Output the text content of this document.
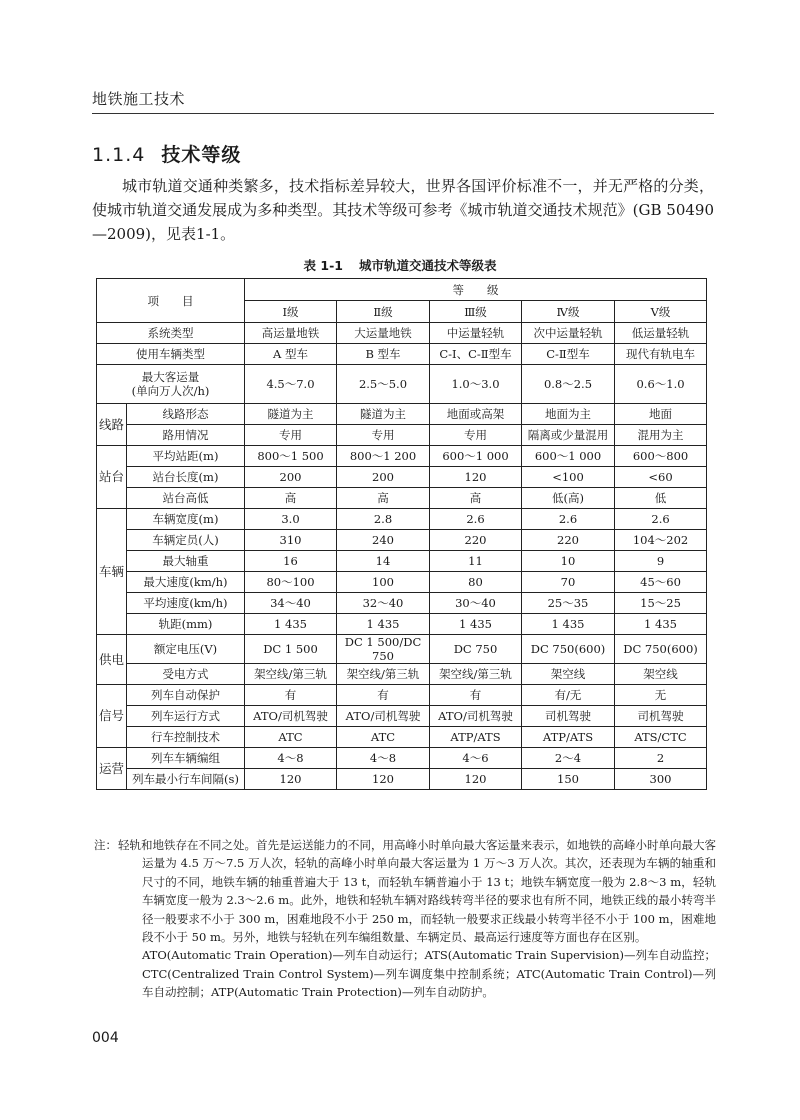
地铁施工技术
1.1.4 技术等级

城市轨道交通种类繁多，技术指标差异较大，世界各国评价标准不一，并无严格的分类，使城市轨道交通发展成为多种类型。其技术等级可参考《城市轨道交通技术规范》(GB 50490—2009)，见表1-1。

表 1-1 城市轨道交通技术等级表
项　　目		等　　级				
		Ⅰ级	Ⅱ级	Ⅲ级	Ⅳ级	Ⅴ级
系统类型		高运量地铁	大运量地铁	中运量轻轨	次中运量轻轨	低运量轻轨
使用车辆类型		A 型车	B 型车	C-Ⅰ、C-Ⅱ型车	C-Ⅱ型车	现代有轨电车
最大客运量
(单向万人次/h)		4.5～7.0	2.5～5.0	1.0～3.0	0.8～2.5	0.6～1.0
线路	线路形态	隧道为主	隧道为主	地面或高架	地面为主	地面
	路用情况	专用	专用	专用	隔离或少量混用	混用为主
站台	平均站距(m)	800～1 500	800～1 200	600～1 000	600～1 000	600～800
	站台长度(m)	200	200	120	<100	<60
	站台高低	高	高	高	低(高)	低
车辆	车辆宽度(m)	3.0	2.8	2.6	2.6	2.6
	车辆定员(人)	310	240	220	220	104～202
	最大轴重	16	14	11	10	9
	最大速度(km/h)	80～100	100	80	70	45～60
	平均速度(km/h)	34～40	32～40	30～40	25～35	15～25
	轨距(mm)	1 435	1 435	1 435	1 435	1 435
供电	额定电压(V)	DC 1 500	DC 1 500/DC 750	DC 750	DC 750(600)	DC 750(600)
	受电方式	架空线/第三轨	架空线/第三轨	架空线/第三轨	架空线	架空线
信号	列车自动保护	有	有	有	有/无	无
	列车运行方式	ATO/司机驾驶	ATO/司机驾驶	ATO/司机驾驶	司机驾驶	司机驾驶
	行车控制技术	ATC	ATC	ATP/ATS	ATP/ATS	ATS/CTC
运营	列车车辆编组	4～8	4～8	4～6	2～4	2
	列车最小行车间隔(s)	120	120	120	150	300

注：轻轨和地铁存在不同之处。首先是运送能力的不同，用高峰小时单向最大客运量来表示，如地铁的高峰小时单向最大客运量为 4.5 万～7.5 万人次，轻轨的高峰小时单向最大客运量为 1 万～3 万人次。其次，还表现为车辆的轴重和尺寸的不同，地铁车辆的轴重普遍大于 13 t，而轻轨车辆普遍小于 13 t；地铁车辆宽度一般为 2.8～3 m，轻轨车辆宽度一般为 2.3～2.6 m。此外，地铁和轻轨车辆对路线转弯半径的要求也有所不同，地铁正线的最小转弯半径一般要求不小于 300 m，困难地段不小于 250 m，而轻轨一般要求正线最小转弯半径不小于 100 m，困难地段不小于 50 m。另外，地铁与轻轨在列车编组数量、车辆定员、最高运行速度等方面也存在区别。

ATO(Automatic Train Operation)—列车自动运行；ATS(Automatic Train Supervision)—列车自动监控；CTC(Centralized Train Control System)—列车调度集中控制系统；ATC(Automatic Train Control)—列车自动控制；ATP(Automatic Train Protection)—列车自动防护。

004
